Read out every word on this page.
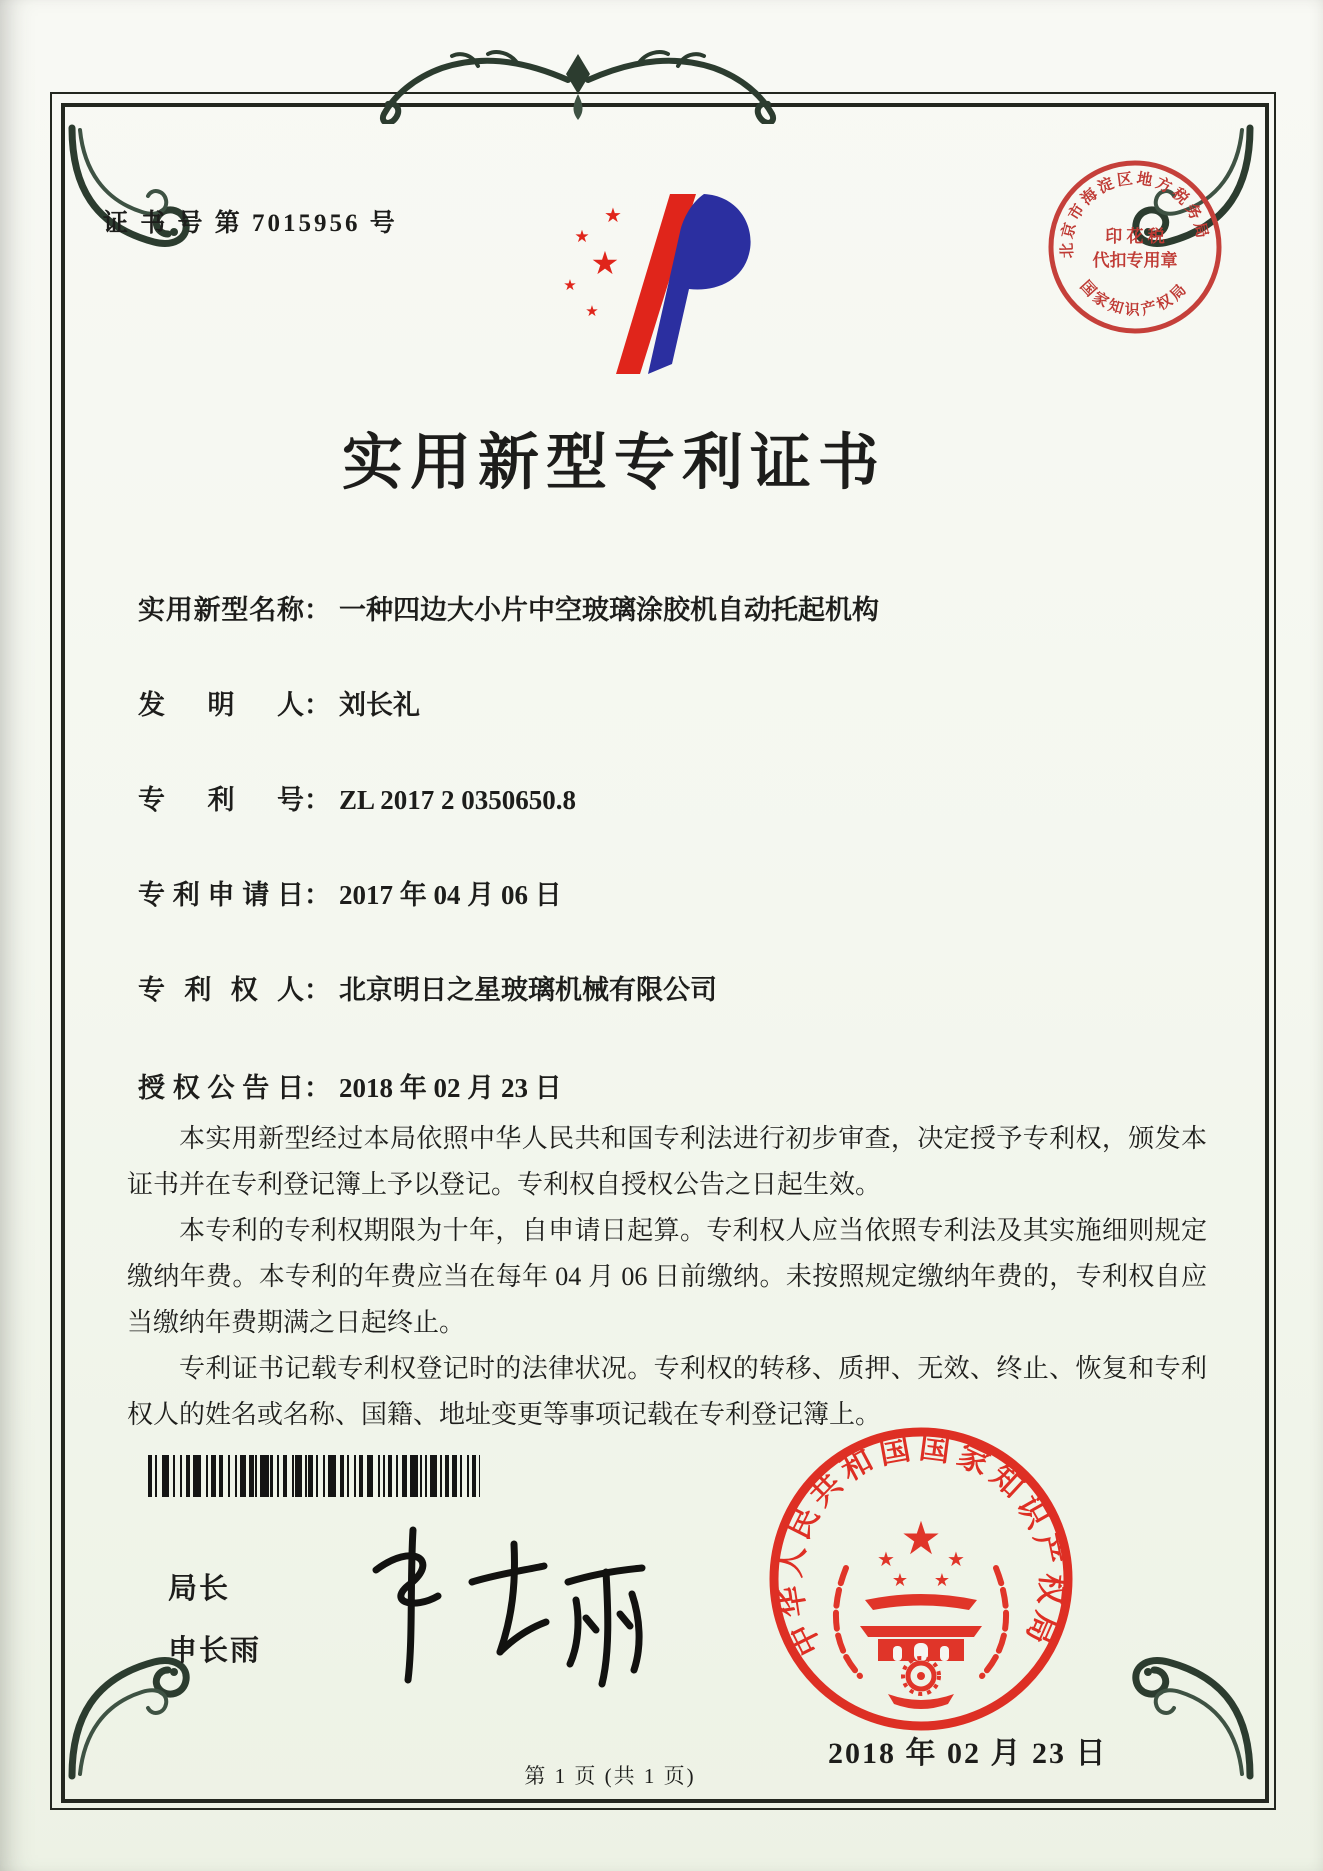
证 书 号 第 7015956 号	★
★
★
★
★
北京市海淀区地方税务局
国家知识产权局
印 花 税
代扣专用章
实用新型专利证书
实用新型名称： 一种四边大小片中空玻璃涂胶机自动托起机构
发明人： 刘长礼
专利号： ZL 2017 2 0350650.8
专利申请日： 2017 年 04 月 06 日
专利权人： 北京明日之星玻璃机械有限公司
授权公告日： 2018 年 02 月 23 日

本实用新型经过本局依照中华人民共和国专利法进行初步审查，决定授予专利权，颁发本证书并在专利登记簿上予以登记。专利权自授权公告之日起生效。

本专利的专利权期限为十年，自申请日起算。专利权人应当依照专利法及其实施细则规定缴纳年费。本专利的年费应当在每年 04 月 06 日前缴纳。未按照规定缴纳年费的，专利权自应当缴纳年费期满之日起终止。

专利证书记载专利权登记时的法律状况。专利权的转移、质押、无效、终止、恢复和专利权人的姓名或名称、国籍、地址变更等事项记载在专利登记簿上。

局长
申长雨	中华人民共和国国家知识产权局
★
★	★
★ ★
2018 年 02 月 23 日
第 1 页 (共 1 页)
